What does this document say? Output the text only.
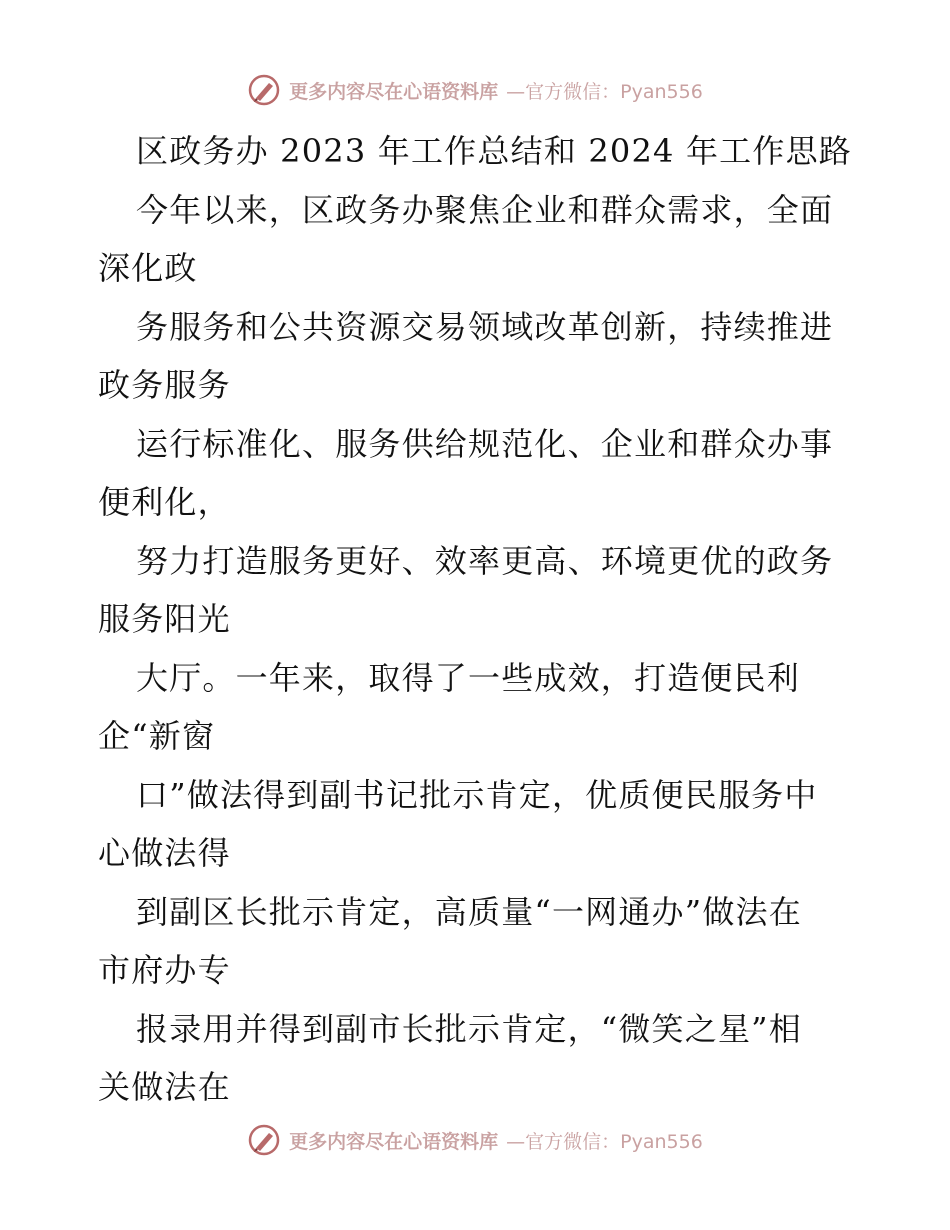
更多内容尽在心语资料库 —官方微信：Pyan556
区政务办 2023 年工作总结和 2024 年工作思路
今年以来，区政务办聚焦企业和群众需求，全面
深化政
务服务和公共资源交易领域改革创新，持续推进
政务服务
运行标准化、服务供给规范化、企业和群众办事
便利化，
努力打造服务更好、效率更高、环境更优的政务
服务阳光
大厅。一年来，取得了一些成效，打造便民利
企“新窗
口”做法得到副书记批示肯定，优质便民服务中
心做法得
到副区长批示肯定，高质量“一网通办”做法在
市府办专
报录用并得到副市长批示肯定，“微笑之星”相
关做法在
更多内容尽在心语资料库 —官方微信：Pyan556
